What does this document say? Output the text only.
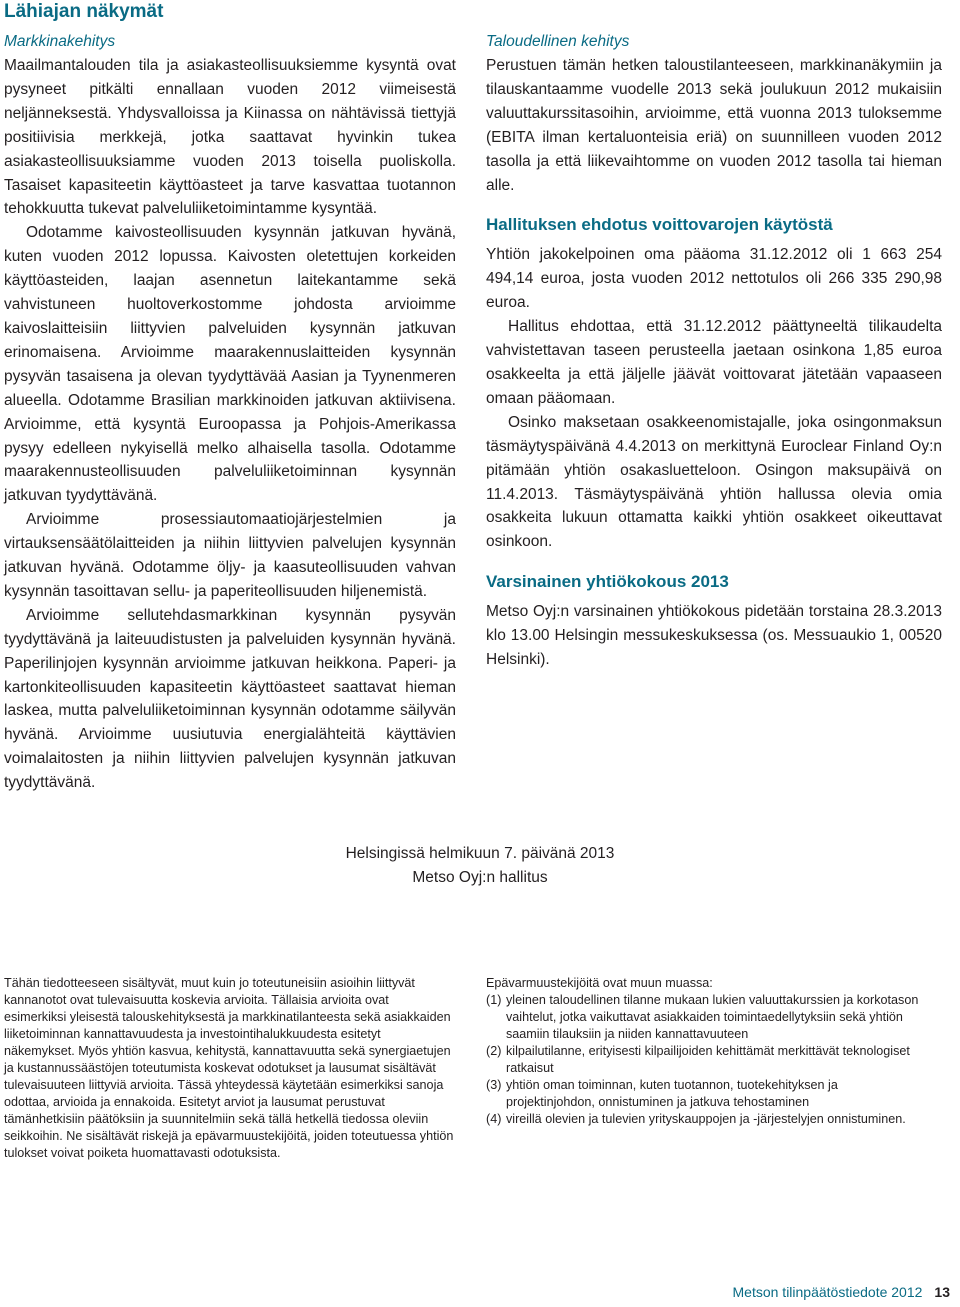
Lähiajan näkymät

Markkinakehitys

Maailmantalouden tila ja asiakasteollisuuksiemme kysyntä ovat pysyneet pitkälti ennallaan vuoden 2012 viimeisestä neljänneksestä. Yhdysvalloissa ja Kiinassa on nähtävissä tiettyjä positiivisia merkkejä, jotka saattavat hyvinkin tukea asiakasteollisuuksiamme vuoden 2013 toisella puoliskolla. Tasaiset kapasiteetin käyttöasteet ja tarve kasvattaa tuotannon tehokkuutta tukevat palveluliiketoimintamme kysyntää.

Odotamme kaivosteollisuuden kysynnän jatkuvan hyvänä, kuten vuoden 2012 lopussa. Kaivosten oletettujen korkeiden käyttöasteiden, laajan asennetun laitekantamme sekä vahvistuneen huoltoverkostomme johdosta arvioimme kaivoslaitteisiin liittyvien palveluiden kysynnän jatkuvan erinomaisena. Arvioimme maarakennuslaitteiden kysynnän pysyvän tasaisena ja olevan tyydyttävää Aasian ja Tyynenmeren alueella. Odotamme Brasilian markkinoiden jatkuvan aktiivisena. Arvioimme, että kysyntä Euroopassa ja Pohjois-Amerikassa pysyy edelleen nykyisellä melko alhaisella tasolla. Odotamme maarakennusteollisuuden palveluliiketoiminnan kysynnän jatkuvan tyydyttävänä.

Arvioimme prosessiautomaatiojärjestelmien ja virtauksensäätölaitteiden ja niihin liittyvien palvelujen kysynnän jatkuvan hyvänä. Odotamme öljy- ja kaasuteollisuuden vahvan kysynnän tasoittavan sellu- ja paperiteollisuuden hiljenemistä.

Arvioimme sellutehdasmarkkinan kysynnän pysyvän tyydyttävänä ja laiteuudistusten ja palveluiden kysynnän hyvänä. Paperilinjojen kysynnän arvioimme jatkuvan heikkona. Paperi- ja kartonkiteollisuuden kapasiteetin käyttöasteet saattavat hieman laskea, mutta palveluliiketoiminnan kysynnän odotamme säilyvän hyvänä. Arvioimme uusiutuvia energialähteitä käyttävien voimalaitosten ja niihin liittyvien palvelujen kysynnän jatkuvan tyydyttävänä.

Taloudellinen kehitys

Perustuen tämän hetken taloustilanteeseen, markkinanäkymiin ja tilauskantaamme vuodelle 2013 sekä joulukuun 2012 mukaisiin valuuttakurssitasoihin, arvioimme, että vuonna 2013 tuloksemme (EBITA ilman kertaluonteisia eriä) on suunnilleen vuoden 2012 tasolla ja että liikevaihtomme on vuoden 2012 tasolla tai hieman alle.

Hallituksen ehdotus voittovarojen käytöstä

Yhtiön jakokelpoinen oma pääoma 31.12.2012 oli 1 663 254 494,14 euroa, josta vuoden 2012 nettotulos oli 266 335 290,98 euroa.

Hallitus ehdottaa, että 31.12.2012 päättyneeltä tilikaudelta vahvistettavan taseen perusteella jaetaan osinkona 1,85 euroa osakkeelta ja että jäljelle jäävät voittovarat jätetään vapaaseen omaan pääomaan.

Osinko maksetaan osakkeenomistajalle, joka osingonmaksun täsmäytyspäivänä 4.4.2013 on merkittynä Euroclear Finland Oy:n pitämään yhtiön osakasluetteloon. Osingon maksupäivä on 11.4.2013. Täsmäytyspäivänä yhtiön hallussa olevia omia osakkeita lukuun ottamatta kaikki yhtiön osakkeet oikeuttavat osinkoon.

Varsinainen yhtiökokous 2013

Metso Oyj:n varsinainen yhtiökokous pidetään torstaina 28.3.2013 klo 13.00 Helsingin messukeskuksessa (os. Messuaukio 1, 00520 Helsinki).

Helsingissä helmikuun 7. päivänä 2013
Metso Oyj:n hallitus

Tähän tiedotteeseen sisältyvät, muut kuin jo toteutuneisiin asioihin liittyvät kannanotot ovat tulevaisuutta koskevia arvioita. Tällaisia arvioita ovat esimerkiksi yleisestä talouskehityksestä ja markkinatilanteesta sekä asiakkaiden liiketoiminnan kannattavuudesta ja investointihalukkuudesta esitetyt näkemykset. Myös yhtiön kasvua, kehitystä, kannattavuutta sekä synergiaetujen ja kustannussäästöjen toteutumista koskevat odotukset ja lausumat sisältävät tulevaisuuteen liittyviä arvioita. Tässä yhteydessä käytetään esimerkiksi sanoja odottaa, arvioida ja ennakoida. Esitetyt arviot ja lausumat perustuvat tämänhetkisiin päätöksiin ja suunnitelmiin sekä tällä hetkellä tiedossa oleviin seikkoihin. Ne sisältävät riskejä ja epävarmuustekijöitä, joiden toteutuessa yhtiön tulokset voivat poiketa huomattavasti odotuksista.

Epävarmuustekijöitä ovat muun muassa:

(1) yleinen taloudellinen tilanne mukaan lukien valuuttakurssien ja korkotason vaihtelut, jotka vaikuttavat asiakkaiden toimintaedellytyksiin sekä yhtiön saamiin tilauksiin ja niiden kannattavuuteen
(2) kilpailutilanne, erityisesti kilpailijoiden kehittämät merkittävät teknologiset ratkaisut
(3) yhtiön oman toiminnan, kuten tuotannon, tuotekehityksen ja projektinjohdon, onnistuminen ja jatkuva tehostaminen
(4) vireillä olevien ja tulevien yrityskauppojen ja -järjestelyjen onnistuminen.
Metson tilinpäätöstiedote 2012 13
